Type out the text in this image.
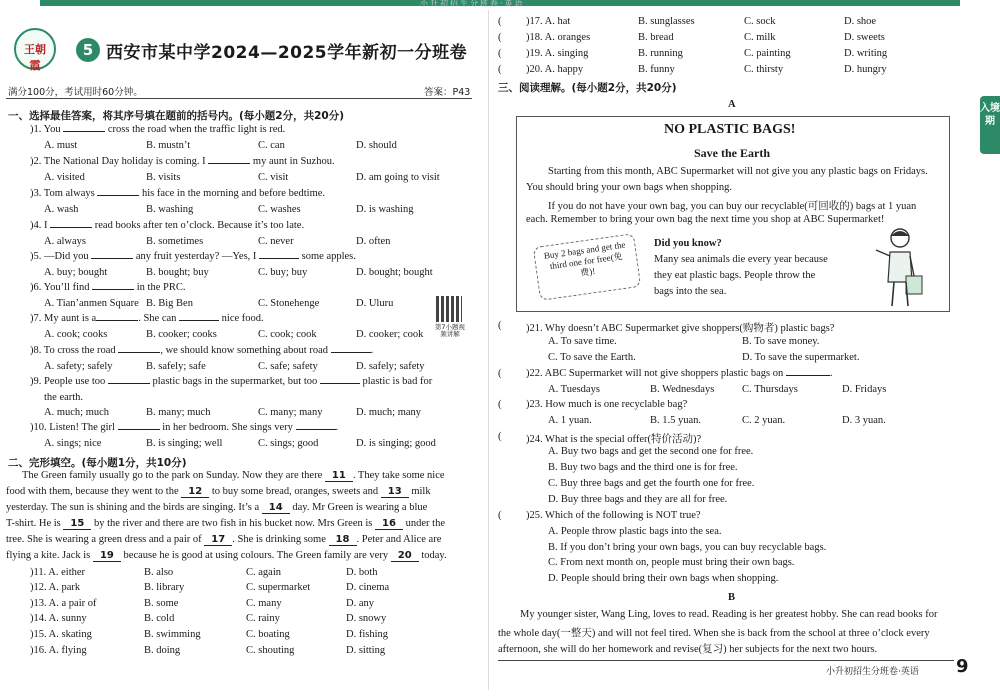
小升初招生分班卷·英语
王朝霞
5 西安市某中学2024—2025学年新初一分班卷
满分100分，考试用时60分钟。	答案：P43
一、选择最佳答案，将其序号填在题前的括号内。(每小题2分，共20分)
)1. You	cross the road when the traffic light is red.
A. must	B. mustn’t	C. can	D. should
)2. The National Day holiday is coming. I	my aunt in Suzhou.
A. visited	B. visits	C. visit	D. am going to visit
)3. Tom always	his face in the morning and before bedtime.
A. wash	B. washing	C. washes	D. is washing
)4. I	read books after ten o’clock. Because it’s too late.
A. always	B. sometimes	C. never	D. often
)5. —Did you	any fruit yesterday? —Yes, I	some apples.
A. buy; bought	B. bought; buy	C. buy; buy	D. bought; bought
)6. You’ll find	in the PRC.
A. Tian’anmen Square B. Big Ben	C. Stonehenge	D. Uluru
第7小题视频讲解
)7. My aunt is a	. She can	nice food.
A. cook; cooks	B. cooker; cooks	C. cook; cook	D. cooker; cook
)8. To cross the road	, we should know something about road	.
A. safety; safely	B. safely; safe	C. safe; safety	D. safely; safety
)9. People use too	plastic bags in the supermarket, but too	plastic is bad for
the earth.
A. much; much	B. many; much	C. many; many	D. much; many
)10. Listen! The girl	in her bedroom. She sings very	.
A. sings; nice	B. is singing; well	C. sings; good	D. is singing; good
二、完形填空。(每小题1分，共10分)
The Green family usually go to the park on Sunday. Now they are there 11 . They take some nice
food with them, because they went to the 12 to buy some bread, oranges, sweets and 13 milk
yesterday. The sun is shining and the birds are singing. It’s a 14 day. Mr Green is wearing a blue
T-shirt. He is 15 by the river and there are two fish in his bucket now. Mrs Green is 16 under the
tree. She is wearing a green dress and a pair of 17 . She is drinking some 18 . Peter and Alice are
flying a kite. Jack is 19 because he is good at using colours. The Green family are very 20 today.
)11. A. either	B. also	C. again	D. both
)12. A. park	B. library	C. supermarket	D. cinema
)13. A. a pair of	B. some	C. many	D. any
)14. A. sunny	B. cold	C. rainy	D. snowy
)15. A. skating	B. swimming	C. boating	D. fishing
)16. A. flying	B. doing	C. shouting	D. sitting
( )17. A. hat	B. sunglasses	C. sock	D. shoe
( )18. A. oranges	B. bread	C. milk	D. sweets
( )19. A. singing	B. running	C. painting	D. writing
( )20. A. happy	B. funny	C. thirsty	D. hungry
三、阅读理解。(每小题2分，共20分)
A	入境期
NO PLASTIC BAGS!
Save the Earth
Starting from this month, ABC Supermarket will not give you any plastic bags on Fridays.
You should bring your own bags when shopping.
If you do not have your own bag, you can buy our recyclable(可回收的) bags at 1 yuan
each. Remember to bring your own bag the next time you shop at ABC Supermarket!
Buy 2 bags and get the third one for free(免费)!
Did you know?
Many sea animals die every year because
they eat plastic bags. People throw the
bags into the sea.
( )21. Why doesn’t ABC Supermarket give shoppers(购物者) plastic bags?
A. To save time.	B. To save money.
C. To save the Earth.	D. To save the supermarket.
( )22. ABC Supermarket will not give shoppers plastic bags on	.
A. Tuesdays	B. Wednesdays	C. Thursdays	D. Fridays
( )23. How much is one recyclable bag?
A. 1 yuan.	B. 1.5 yuan.	C. 2 yuan.	D. 3 yuan.
( )24. What is the special offer(特价活动)?
A. Buy two bags and get the second one for free.
B. Buy two bags and the third one is for free.
C. Buy three bags and get the fourth one for free.
D. Buy three bags and they are all for free.
( )25. Which of the following is NOT true?
A. People throw plastic bags into the sea.
B. If you don’t bring your own bags, you can buy recyclable bags.
C. From next month on, people must bring their own bags.
D. People should bring their own bags when shopping.
B
My younger sister, Wang Ling, loves to read. Reading is her greatest hobby. She can read books for
the whole day(一整天) and will not feel tired. When she is back from the school at three o’clock every
afternoon, she will do her homework and revise(复习) her subjects for the next two hours.
小升初招生分班卷·英语 9
